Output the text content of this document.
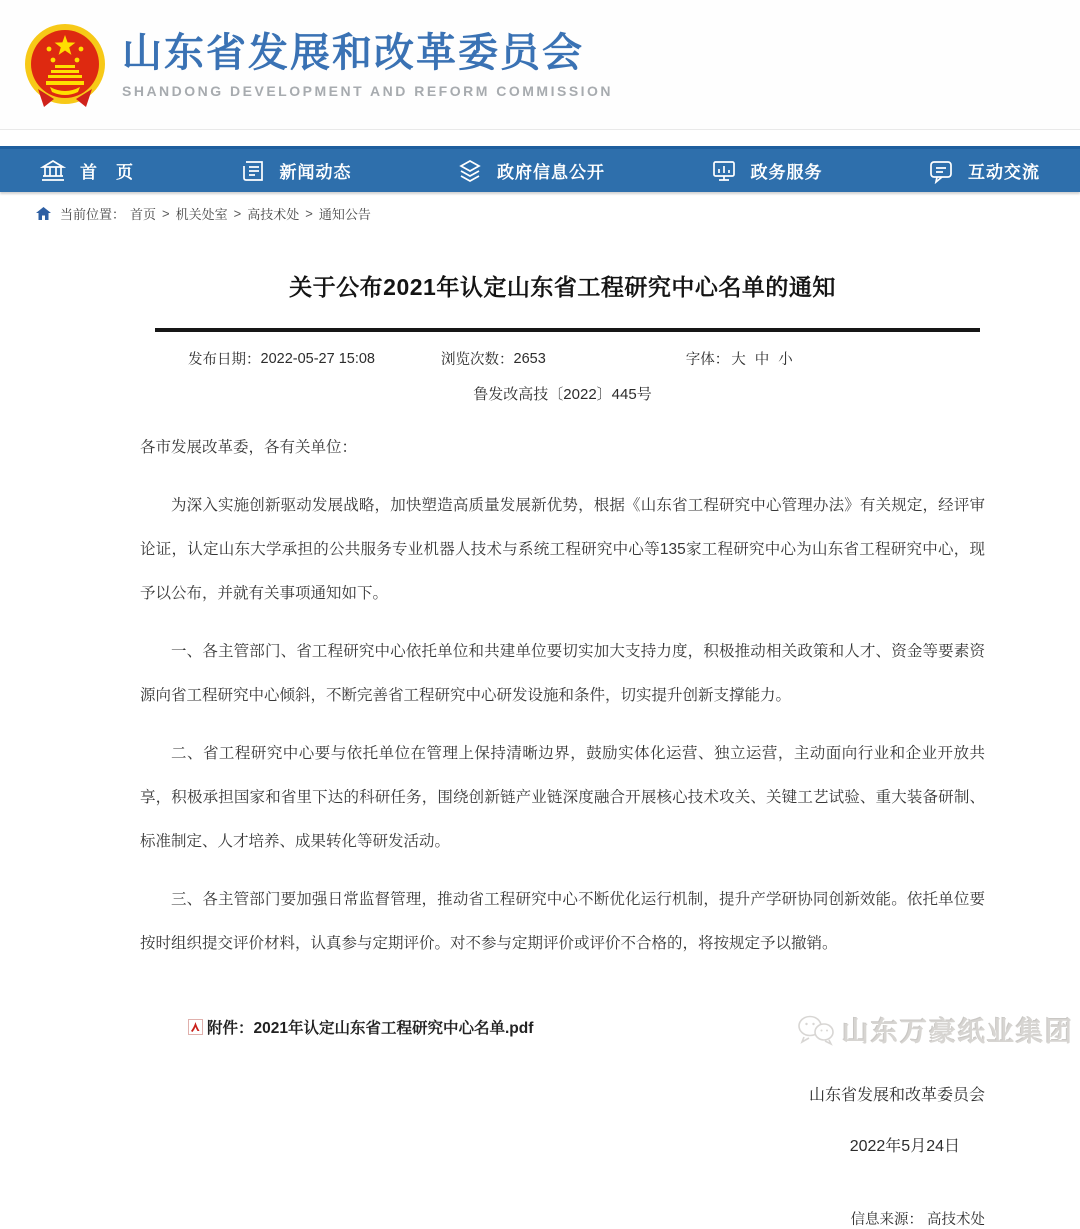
山东省发展和改革委员会
SHANDONG DEVELOPMENT AND REFORM COMMISSION
首　页	新闻动态	政府信息公开	政务服务	互动交流
当前位置： 首页 > 机关处室 > 高技术处 > 通知公告
关于公布2021年认定山东省工程研究中心名单的通知
发布日期： 2022-05-27 15:08	浏览次数： 2653	字体： 大 中 小
鲁发改高技〔2022〕445号

各市发展改革委，各有关单位：

为深入实施创新驱动发展战略，加快塑造高质量发展新优势，根据《山东省工程研究中心管理办法》有关规定，经评审论证，认定山东大学承担的公共服务专业机器人技术与系统工程研究中心等135家工程研究中心为山东省工程研究中心，现予以公布，并就有关事项通知如下。

一、各主管部门、省工程研究中心依托单位和共建单位要切实加大支持力度，积极推动相关政策和人才、资金等要素资源向省工程研究中心倾斜，不断完善省工程研究中心研发设施和条件，切实提升创新支撑能力。

二、省工程研究中心要与依托单位在管理上保持清晰边界，鼓励实体化运营、独立运营，主动面向行业和企业开放共享，积极承担国家和省里下达的科研任务，围绕创新链产业链深度融合开展核心技术攻关、关键工艺试验、重大装备研制、标准制定、人才培养、成果转化等研发活动。

三、各主管部门要加强日常监督管理，推动省工程研究中心不断优化运行机制，提升产学研协同创新效能。依托单位要按时组织提交评价材料，认真参与定期评价。对不参与定期评价或评价不合格的，将按规定予以撤销。

附件： 2021年认定山东省工程研究中心名单.pdf
山东省发展和改革委员会
2022年5月24日
信息来源： 高技术处
山东万豪纸业集团
